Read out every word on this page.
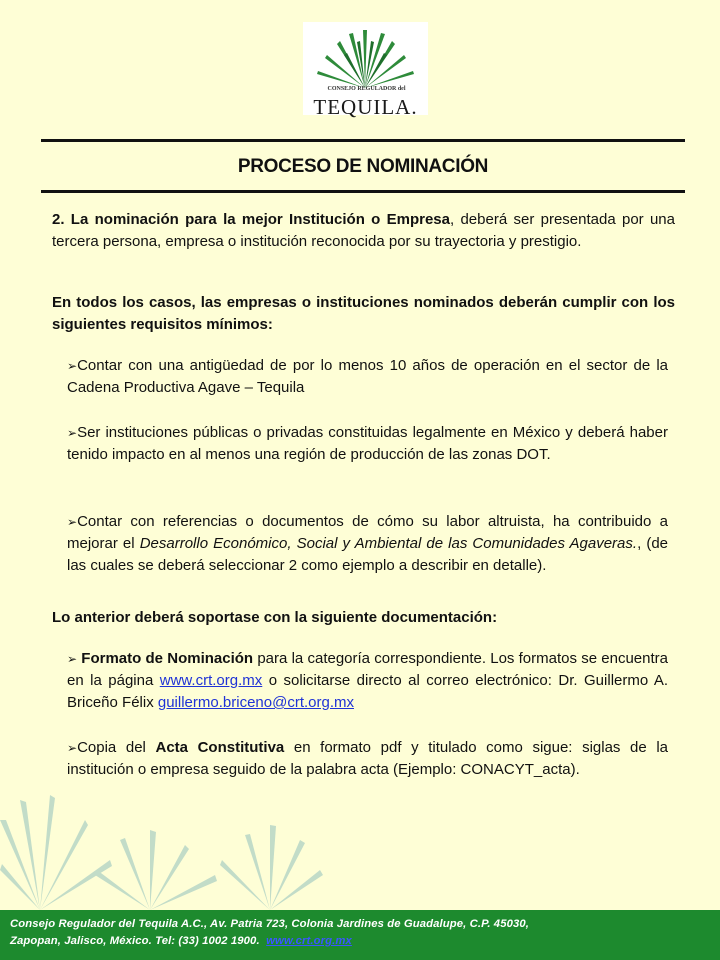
CONSEJO REGULADOR del
TEQUILA.
PROCESO DE NOMINACIÓN
2. La nominación para la mejor Institución o Empresa, deberá ser presentada por una tercera persona, empresa o institución reconocida por su trayectoria y prestigio.
En todos los casos, las empresas o instituciones nominados deberán cumplir con los siguientes requisitos mínimos:
➢Contar con una antigüedad de por lo menos 10 años de operación en el sector de la Cadena Productiva Agave – Tequila
➢Ser instituciones públicas o privadas constituidas legalmente en México y deberá haber tenido impacto en al menos una región de producción de las zonas DOT.
➢Contar con referencias o documentos de cómo su labor altruista, ha contribuido a mejorar el Desarrollo Económico, Social y Ambiental de las Comunidades Agaveras., (de las cuales se deberá seleccionar 2 como ejemplo a describir en detalle).
Lo anterior deberá soportase con la siguiente documentación:
➢ Formato de Nominación para la categoría correspondiente. Los formatos se encuentra en la página www.crt.org.mx o solicitarse directo al correo electrónico: Dr. Guillermo A. Briceño Félix guillermo.briceno@crt.org.mx
➢Copia del Acta Constitutiva en formato pdf y titulado como sigue: siglas de la institución o empresa seguido de la palabra acta (Ejemplo: CONACYT_acta).
Consejo Regulador del Tequila A.C., Av. Patria 723, Colonia Jardines de Guadalupe, C.P. 45030,
Zapopan, Jalisco, México. Tel: (33) 1002 1900. www.crt.org.mx
